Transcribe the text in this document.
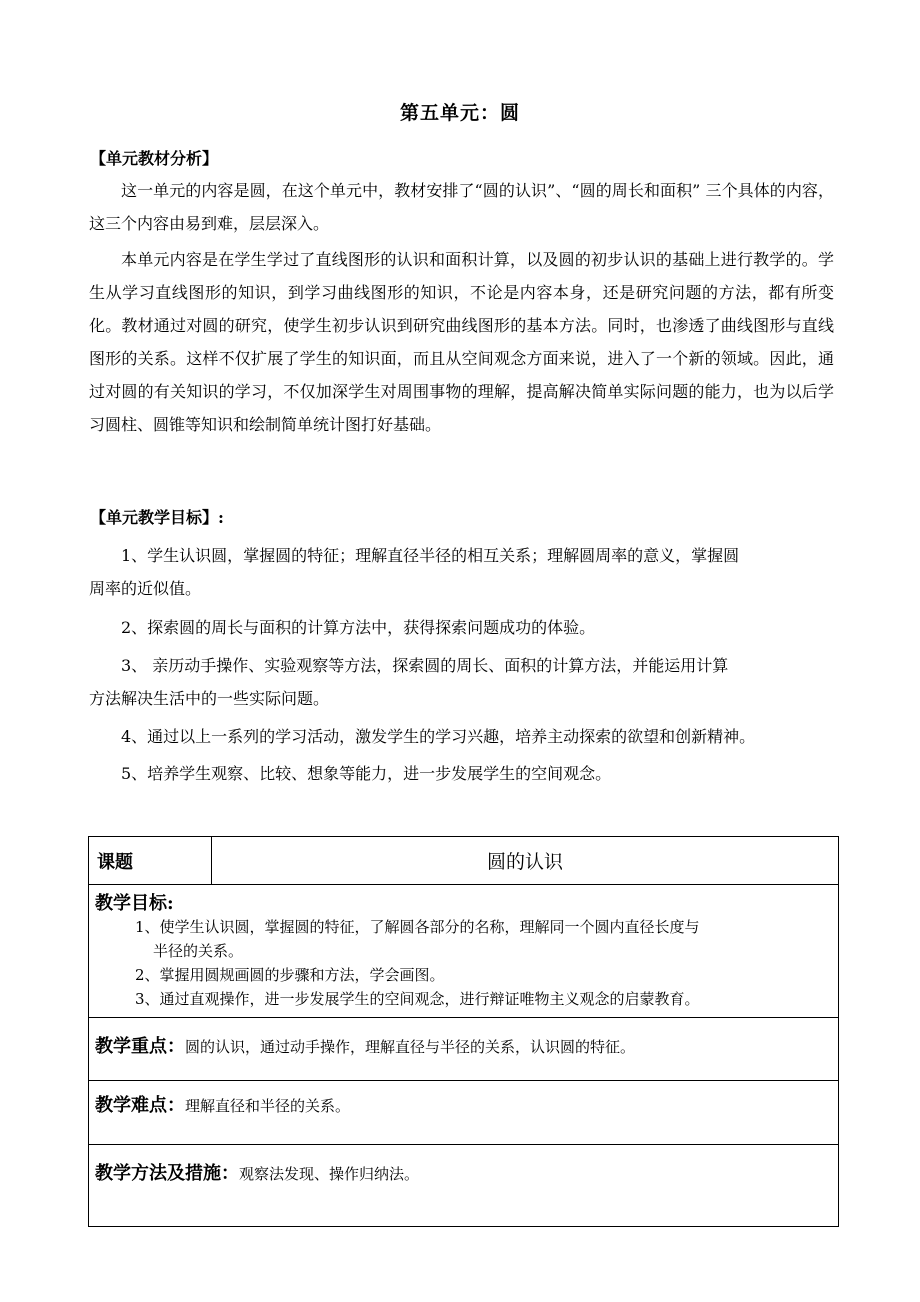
第五单元：圆
【单元教材分析】

这一单元的内容是圆，在这个单元中，教材安排了“圆的认识”、“圆的周长和面积” 三个具体的内容，这三个内容由易到难，层层深入。

本单元内容是在学生学过了直线图形的认识和面积计算，以及圆的初步认识的基础上进行教学的。学生从学习直线图形的知识，到学习曲线图形的知识，不论是内容本身，还是研究问题的方法，都有所变化。教材通过对圆的研究，使学生初步认识到研究曲线图形的基本方法。同时，也渗透了曲线图形与直线图形的关系。这样不仅扩展了学生的知识面，而且从空间观念方面来说，进入了一个新的领域。因此，通过对圆的有关知识的学习，不仅加深学生对周围事物的理解，提高解决简单实际问题的能力，也为以后学习圆柱、圆锥等知识和绘制简单统计图打好基础。

【单元教学目标】:
1、学生认识圆，掌握圆的特征；理解直径半径的相互关系；理解圆周率的意义，掌握圆
周率的近似值。
2、探索圆的周长与面积的计算方法中，获得探索问题成功的体验。
3、 亲历动手操作、实验观察等方法，探索圆的周长、面积的计算方法，并能运用计算
方法解决生活中的一些实际问题。
4、通过以上一系列的学习活动，激发学生的学习兴趣，培养主动探索的欲望和创新精神。
5、培养学生观察、比较、想象等能力，进一步发展学生的空间观念。
课题	圆的认识

教学目标:
1、使学生认识圆，掌握圆的特征，了解圆各部分的名称，理解同一个圆内直径长度与
半径的关系。
2、掌握用圆规画圆的步骤和方法，学会画图。
3、通过直观操作，进一步发展学生的空间观念，进行辩证唯物主义观念的启蒙教育。

教学重点：圆的认识，通过动手操作，理解直径与半径的关系，认识圆的特征。
教学难点：理解直径和半径的关系。
教学方法及措施：观察法发现、操作归纳法。
